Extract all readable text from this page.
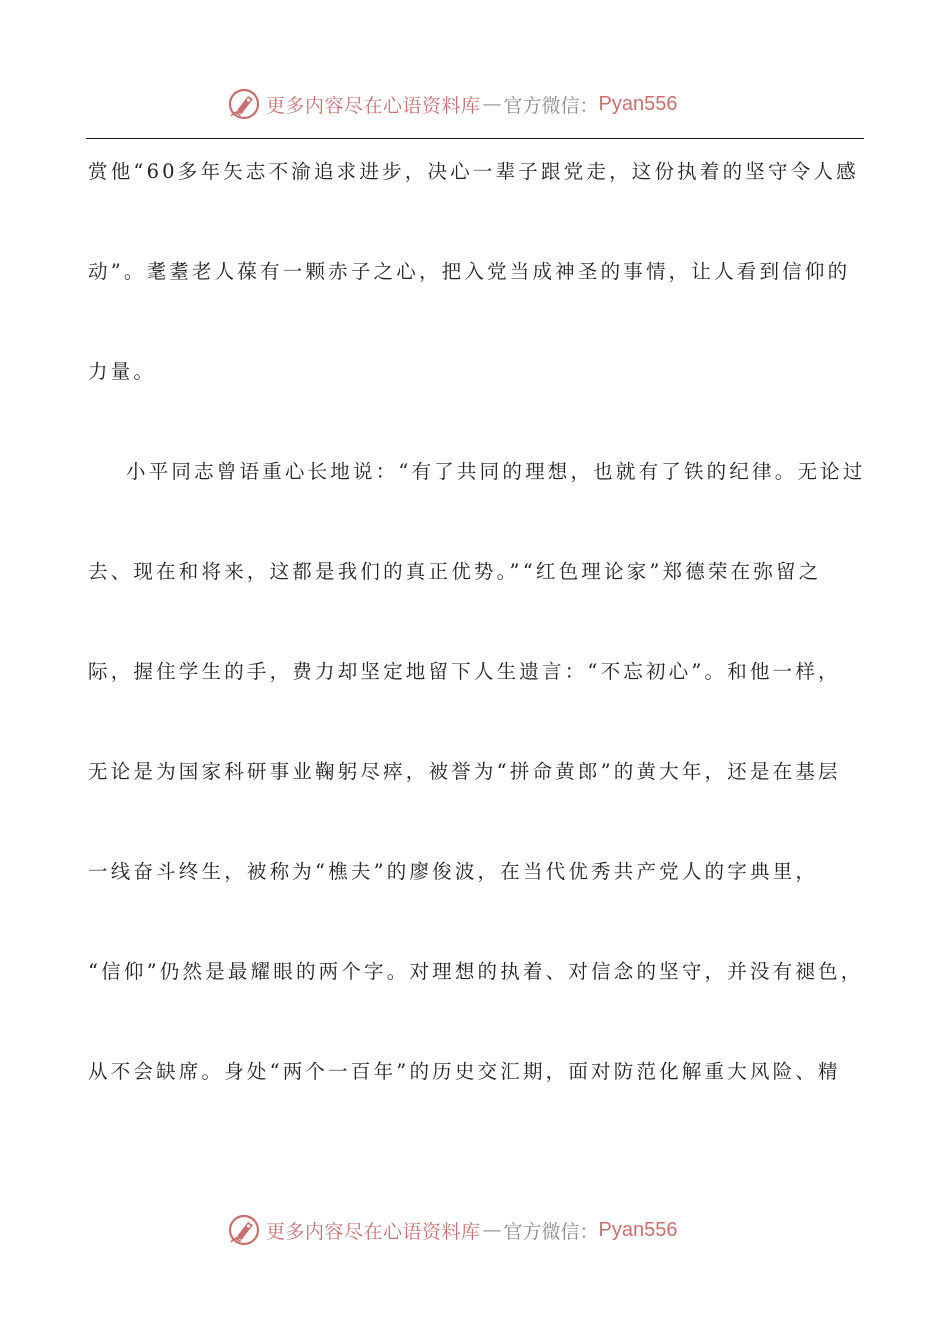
更多内容尽在心语资料库 — 官方微信： Pyan556
赏他“60多年矢志不渝追求进步，决心一辈子跟党走，这份执着的坚守令人感
动”。耄耋老人葆有一颗赤子之心，把入党当成神圣的事情，让人看到信仰的
力量。
小平同志曾语重心长地说：“有了共同的理想，也就有了铁的纪律。无论过
去、现在和将来，这都是我们的真正优势。”“红色理论家”郑德荣在弥留之
际，握住学生的手，费力却坚定地留下人生遗言：“不忘初心”。和他一样，
无论是为国家科研事业鞠躬尽瘁，被誉为“拼命黄郎”的黄大年，还是在基层
一线奋斗终生，被称为“樵夫”的廖俊波，在当代优秀共产党人的字典里，
“信仰”仍然是最耀眼的两个字。对理想的执着、对信念的坚守，并没有褪色，
从不会缺席。身处“两个一百年”的历史交汇期，面对防范化解重大风险、精
更多内容尽在心语资料库 — 官方微信： Pyan556
